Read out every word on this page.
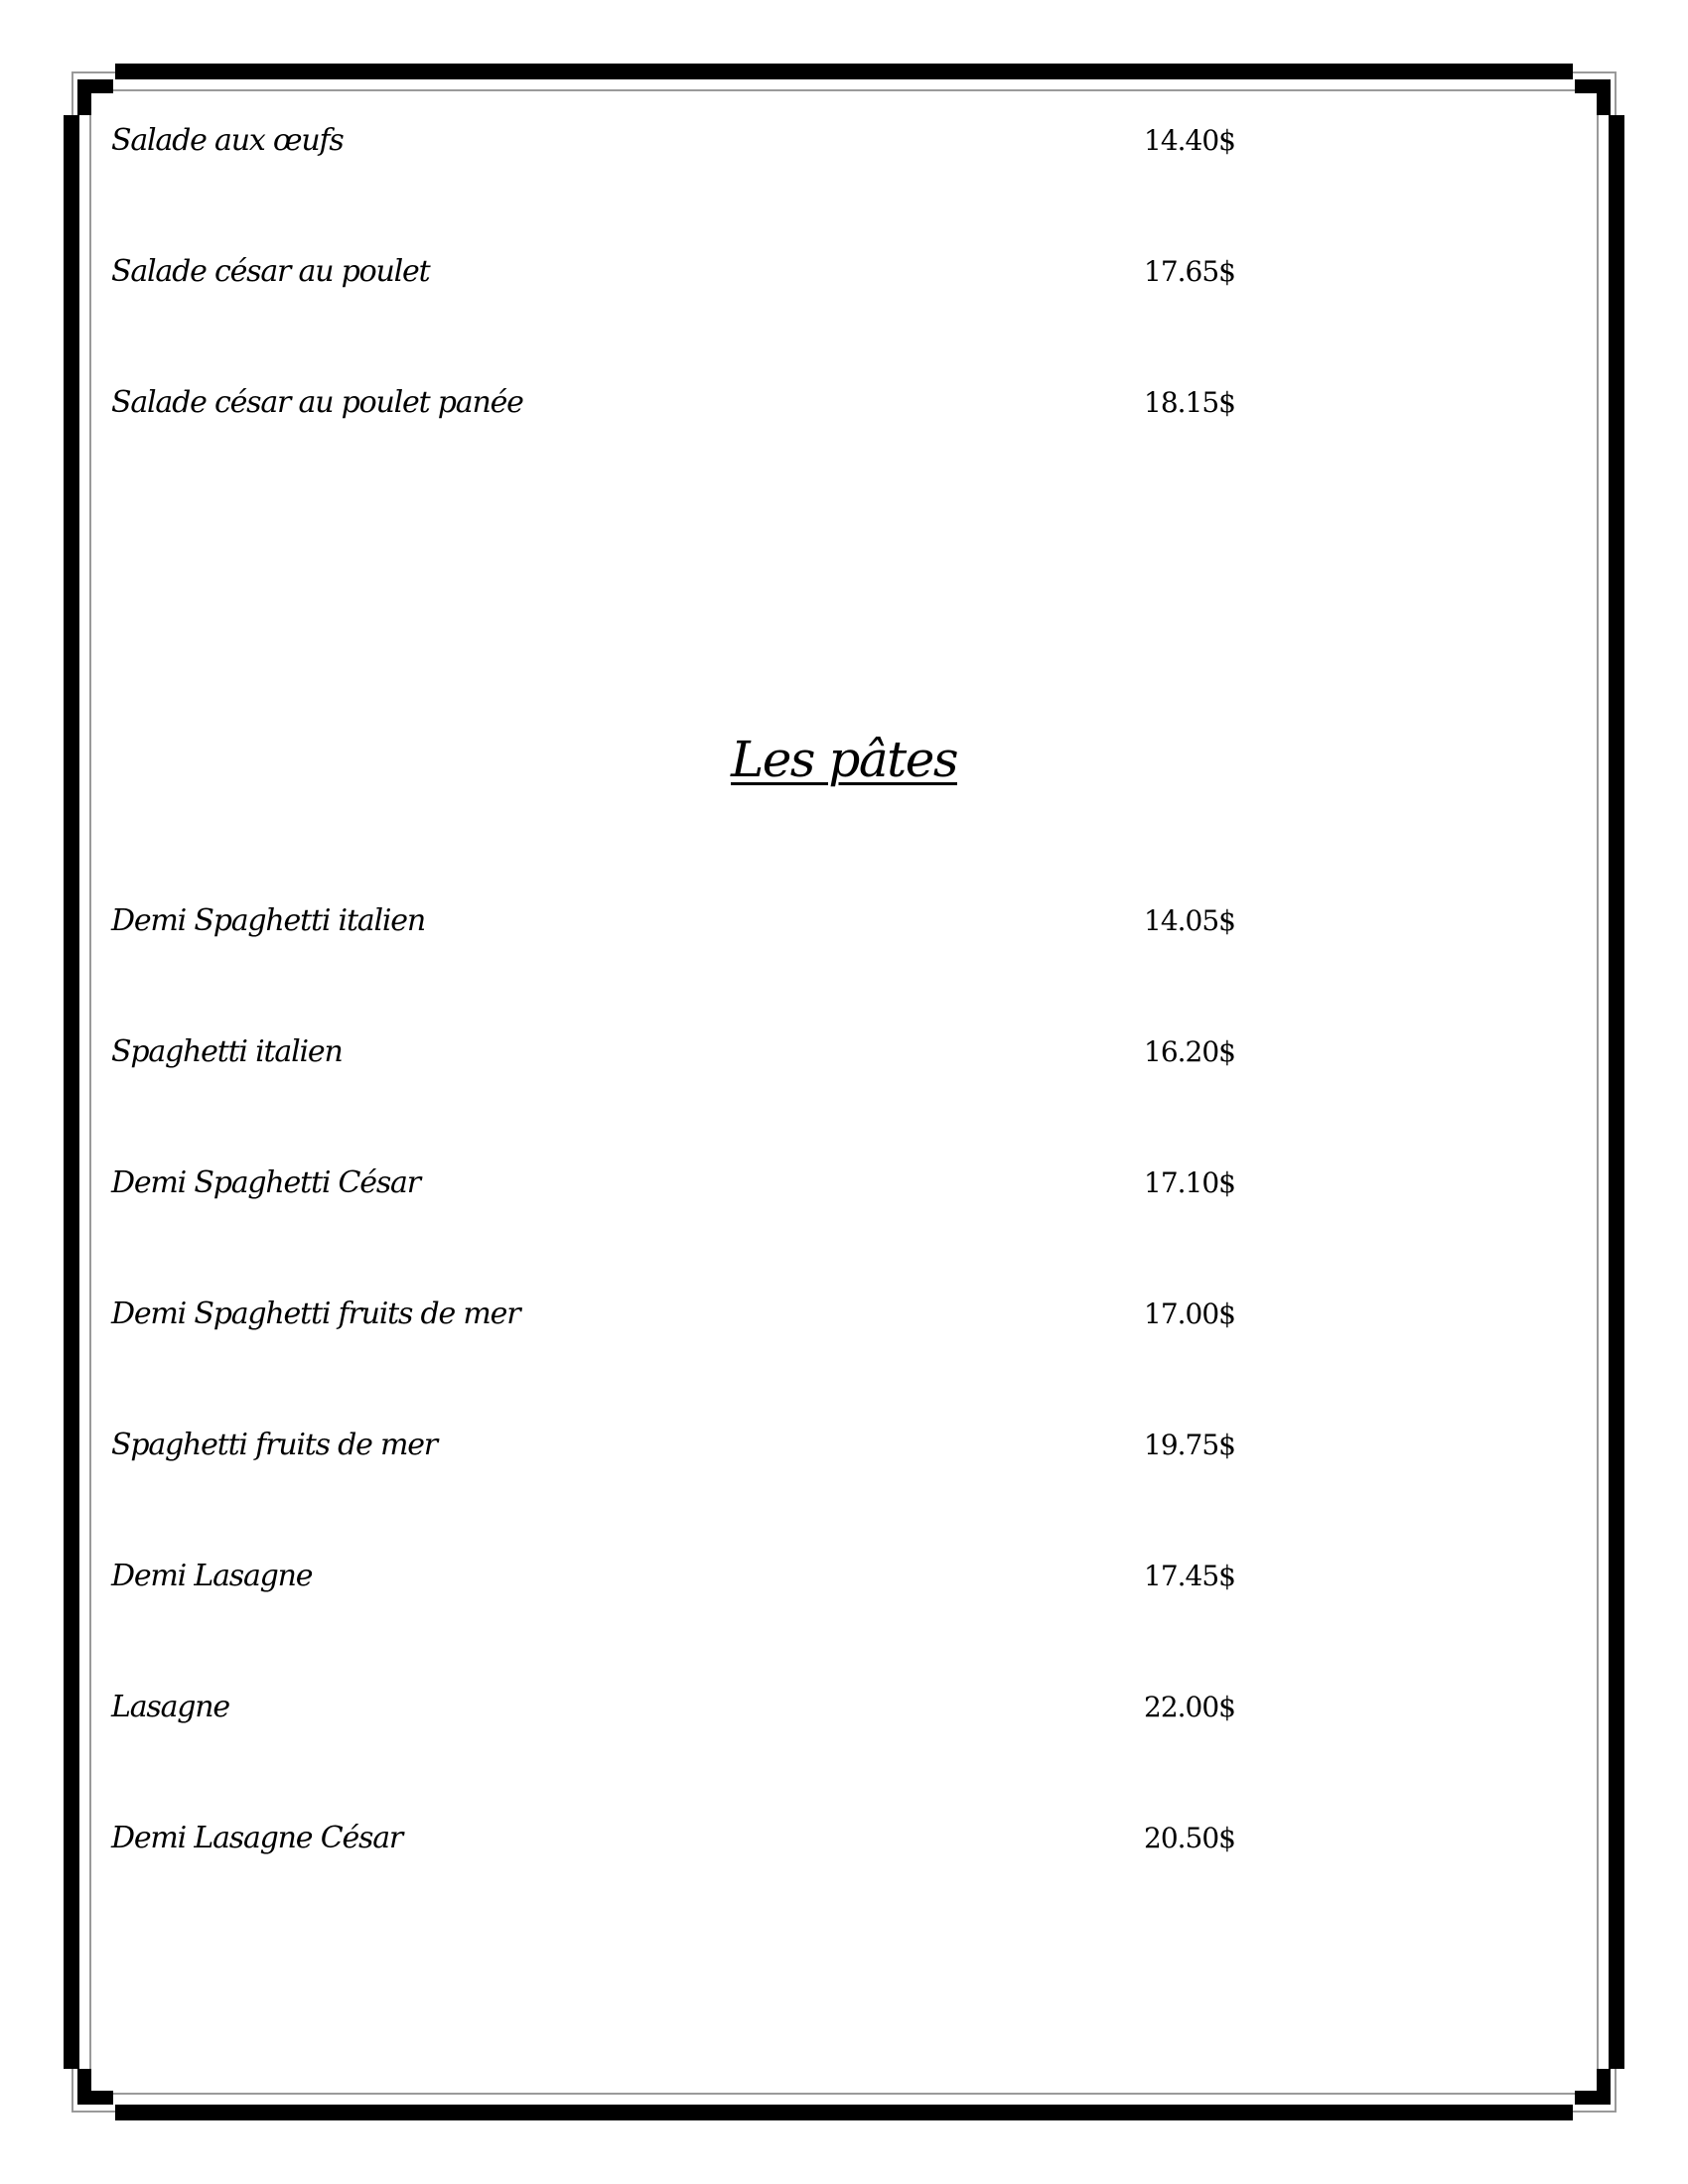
Salade aux œufs	14.40$
Salade césar au poulet	17.65$
Salade césar au poulet panée	18.15$
Les pâtes
Demi Spaghetti italien	14.05$
Spaghetti italien	16.20$
Demi Spaghetti César	17.10$
Demi Spaghetti fruits de mer	17.00$
Spaghetti fruits de mer	19.75$
Demi Lasagne	17.45$
Lasagne	22.00$
Demi Lasagne César	20.50$
